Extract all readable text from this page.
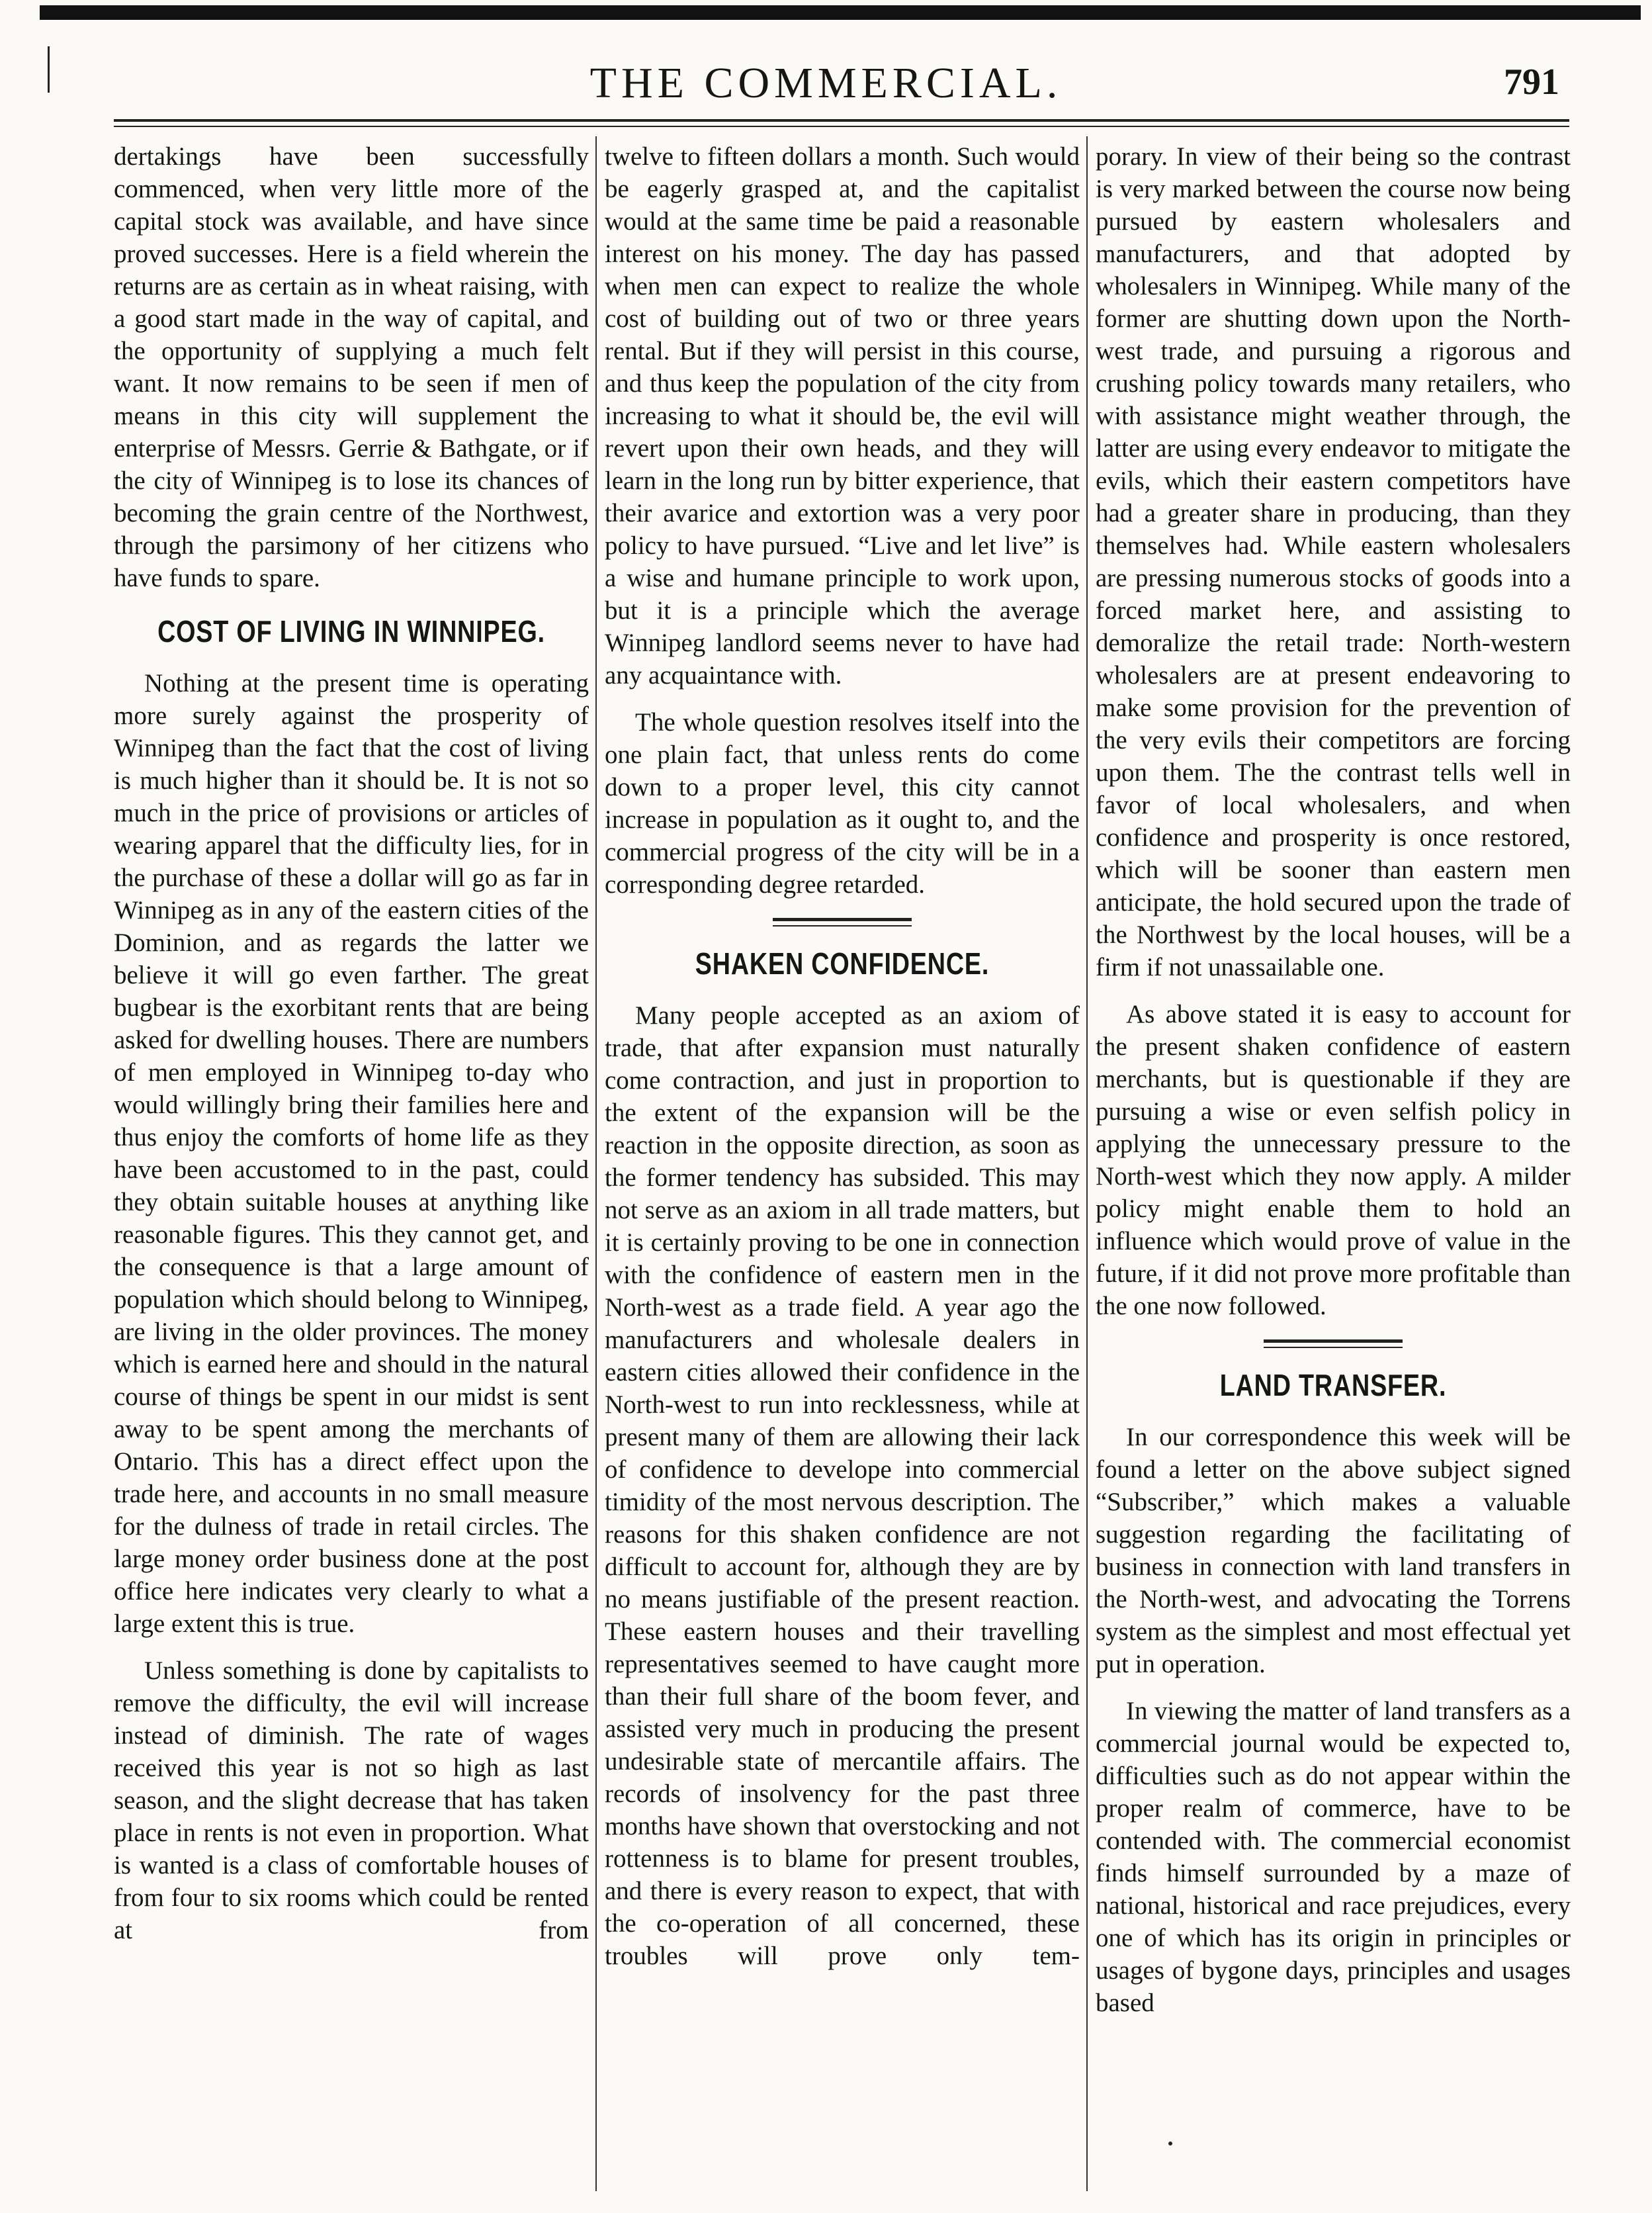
THE COMMERCIAL.	791

dertakings have been successfully commenced, when very little more of the capital stock was available, and have since proved successes. Here is a field wherein the returns are as certain as in wheat raising, with a good start made in the way of capital, and the opportunity of supplying a much felt want. It now remains to be seen if men of means in this city will supplement the enterprise of Messrs. Gerrie & Bathgate, or if the city of Winnipeg is to lose its chances of becoming the grain centre of the Northwest, through the parsimony of her citizens who have funds to spare.

COST OF LIVING IN WINNIPEG.

Nothing at the present time is operating more surely against the prosperity of Winnipeg than the fact that the cost of living is much higher than it should be. It is not so much in the price of provisions or articles of wearing apparel that the difficulty lies, for in the purchase of these a dollar will go as far in Winnipeg as in any of the eastern cities of the Dominion, and as regards the latter we believe it will go even farther. The great bugbear is the exorbitant rents that are being asked for dwelling houses. There are numbers of men employed in Winnipeg to-day who would willingly bring their families here and thus enjoy the comforts of home life as they have been accustomed to in the past, could they obtain suitable houses at anything like reasonable figures. This they cannot get, and the consequence is that a large amount of population which should belong to Winnipeg, are living in the older provinces. The money which is earned here and should in the natural course of things be spent in our midst is sent away to be spent among the merchants of Ontario. This has a direct effect upon the trade here, and accounts in no small measure for the dulness of trade in retail circles. The large money order business done at the post office here indicates very clearly to what a large extent this is true.

Unless something is done by capitalists to remove the difficulty, the evil will increase instead of diminish. The rate of wages received this year is not so high as last season, and the slight decrease that has taken place in rents is not even in proportion. What is wanted is a class of comfortable houses of from four to six rooms which could be rented at from

twelve to fifteen dollars a month. Such would be eagerly grasped at, and the capitalist would at the same time be paid a reasonable interest on his money. The day has passed when men can expect to realize the whole cost of building out of two or three years rental. But if they will persist in this course, and thus keep the population of the city from increasing to what it should be, the evil will revert upon their own heads, and they will learn in the long run by bitter experience, that their avarice and extortion was a very poor policy to have pursued. “Live and let live” is a wise and humane principle to work upon, but it is a principle which the average Winnipeg landlord seems never to have had any acquaintance with.

The whole question resolves itself into the one plain fact, that unless rents do come down to a proper level, this city cannot increase in population as it ought to, and the commercial progress of the city will be in a corresponding degree retarded.

SHAKEN CONFIDENCE.

Many people accepted as an axiom of trade, that after expansion must naturally come contraction, and just in proportion to the extent of the expansion will be the reaction in the opposite direction, as soon as the former tendency has subsided. This may not serve as an axiom in all trade matters, but it is certainly proving to be one in connection with the confidence of eastern men in the North-west as a trade field. A year ago the manufacturers and wholesale dealers in eastern cities allowed their confidence in the North-west to run into recklessness, while at present many of them are allowing their lack of confidence to develope into commercial timidity of the most nervous description. The reasons for this shaken confidence are not difficult to account for, although they are by no means justifiable of the present reaction. These eastern houses and their travelling representatives seemed to have caught more than their full share of the boom fever, and assisted very much in producing the present undesirable state of mercantile affairs. The records of insolvency for the past three months have shown that overstocking and not rottenness is to blame for present troubles, and there is every reason to expect, that with the co-operation of all concerned, these troubles will prove only tem-

porary. In view of their being so the contrast is very marked between the course now being pursued by eastern wholesalers and manufacturers, and that adopted by wholesalers in Winnipeg. While many of the former are shutting down upon the North-west trade, and pursuing a rigorous and crushing policy towards many retailers, who with assistance might weather through, the latter are using every endeavor to mitigate the evils, which their eastern competitors have had a greater share in producing, than they themselves had. While eastern wholesalers are pressing numerous stocks of goods into a forced market here, and assisting to demoralize the retail trade: North-western wholesalers are at present endeavoring to make some provision for the prevention of the very evils their competitors are forcing upon them. The the contrast tells well in favor of local wholesalers, and when confidence and prosperity is once restored, which will be sooner than eastern men anticipate, the hold secured upon the trade of the Northwest by the local houses, will be a firm if not unassailable one.

As above stated it is easy to account for the present shaken confidence of eastern merchants, but is questionable if they are pursuing a wise or even selfish policy in applying the unnecessary pressure to the North-west which they now apply. A milder policy might enable them to hold an influence which would prove of value in the future, if it did not prove more profitable than the one now followed.

LAND TRANSFER.

In our correspondence this week will be found a letter on the above subject signed “Subscriber,” which makes a valuable suggestion regarding the facilitating of business in connection with land transfers in the North-west, and advocating the Torrens system as the simplest and most effectual yet put in operation.

In viewing the matter of land transfers as a commercial journal would be expected to, difficulties such as do not appear within the proper realm of commerce, have to be contended with. The commercial economist finds himself surrounded by a maze of national, historical and race prejudices, every one of which has its origin in principles or usages of bygone days, principles and usages based
